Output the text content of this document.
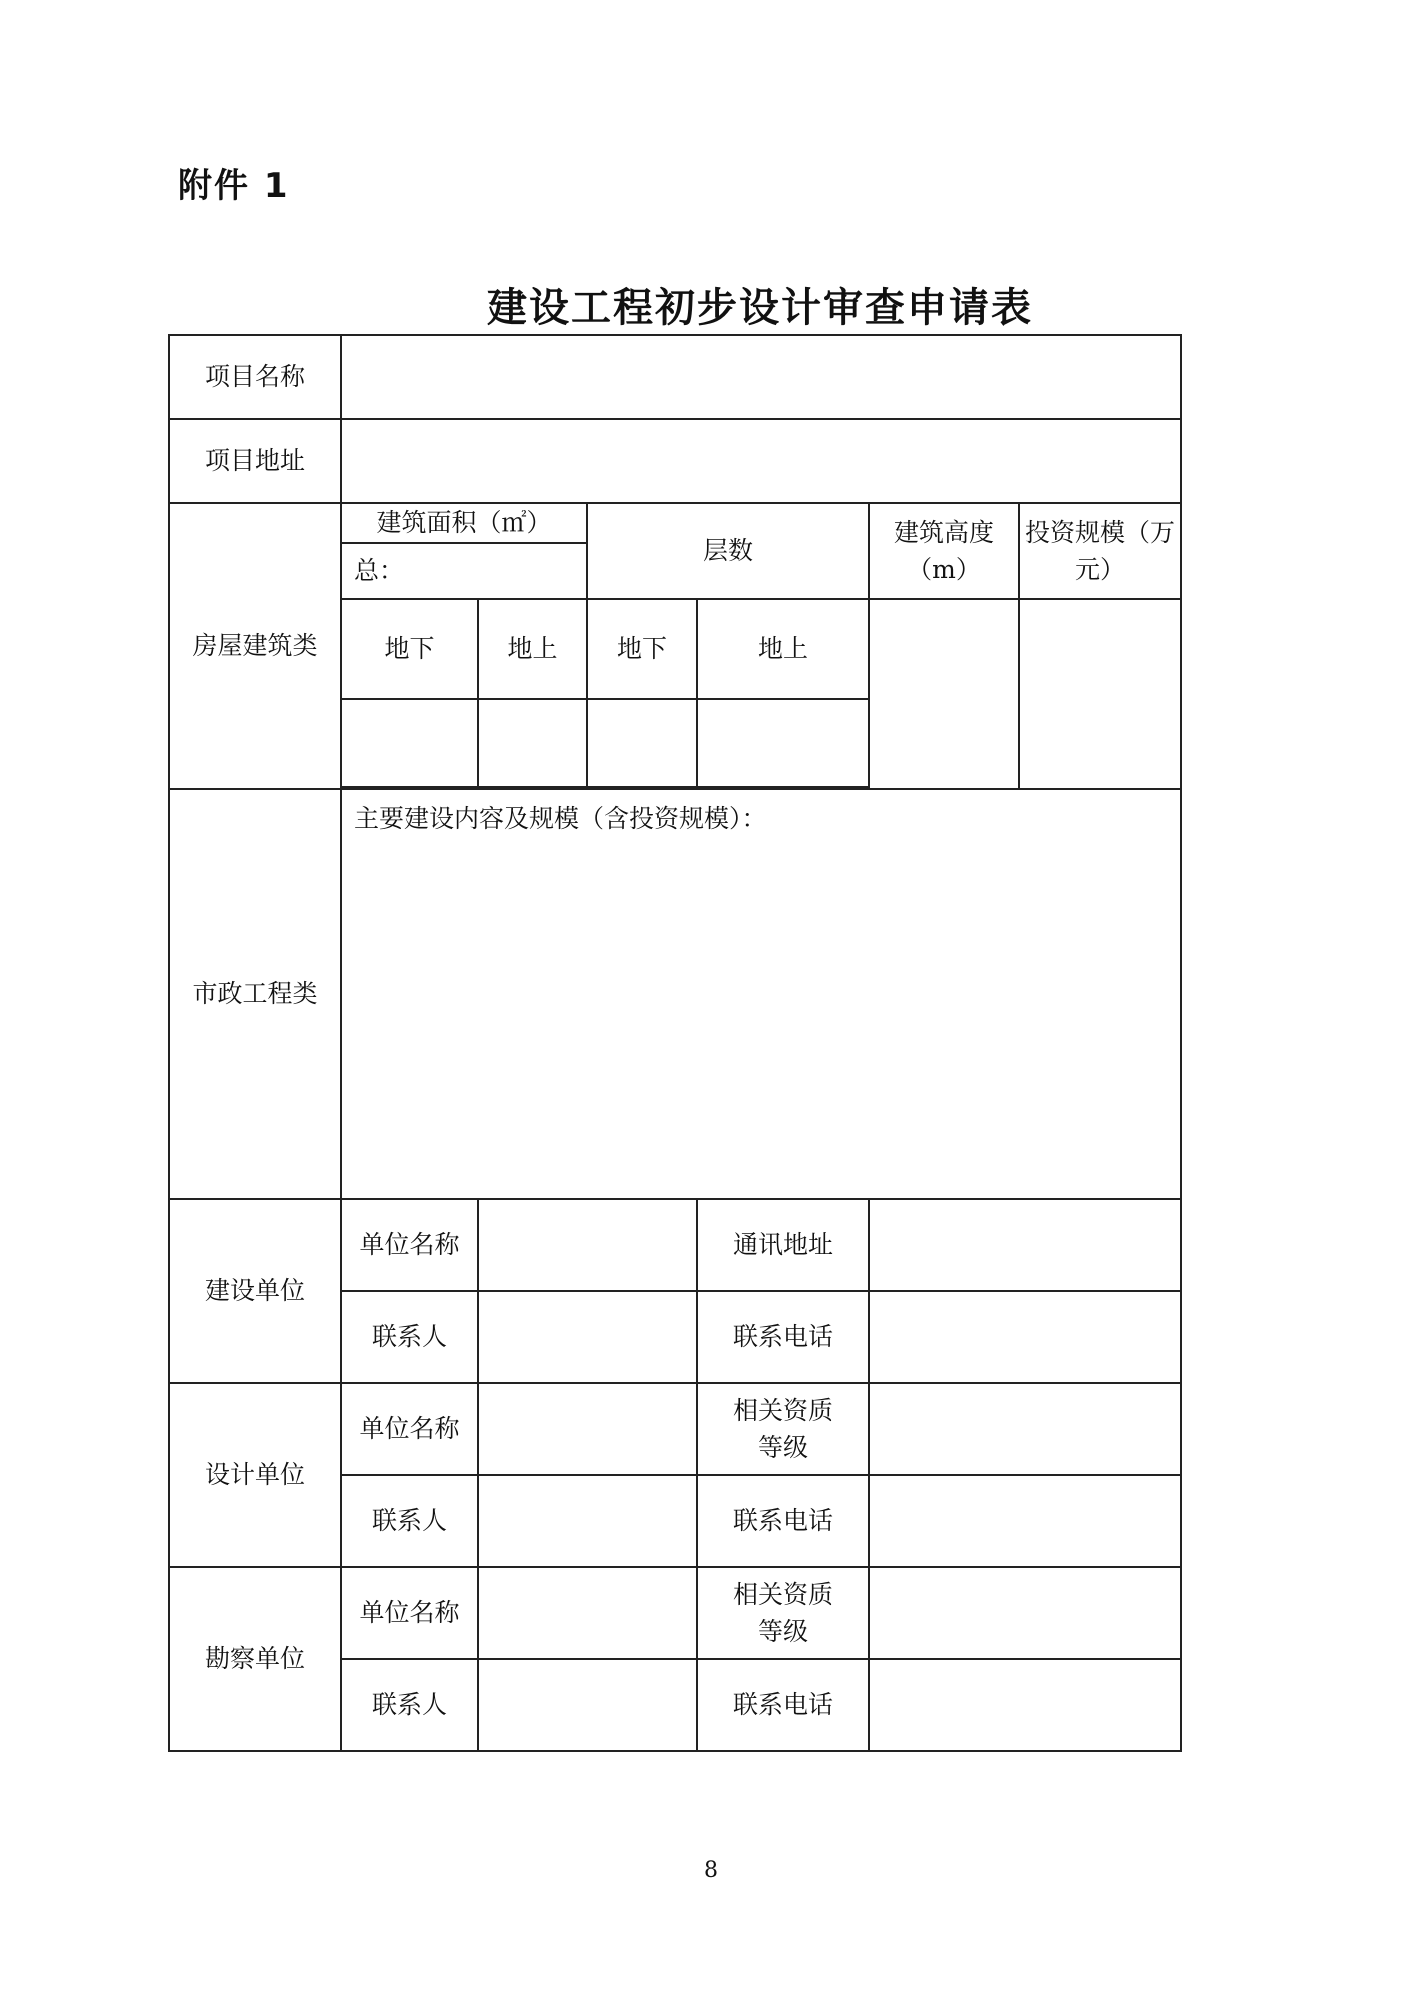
附件 1
建设工程初步设计审查申请表
项目名称						
项目地址						
房屋建筑类	建筑面积（㎡）		层数		建筑高度（m）	投资规模（万元）
	总：					
	地下	地上	地下	地上		

市政工程类	主要建设内容及规模（含投资规模）：					
建设单位	单位名称			通讯地址		
	联系人			联系电话		
设计单位	单位名称			相关资质等级		

	联系人			联系电话		
勘察单位	单位名称			相关资质等级		

	联系人			联系电话		
8
